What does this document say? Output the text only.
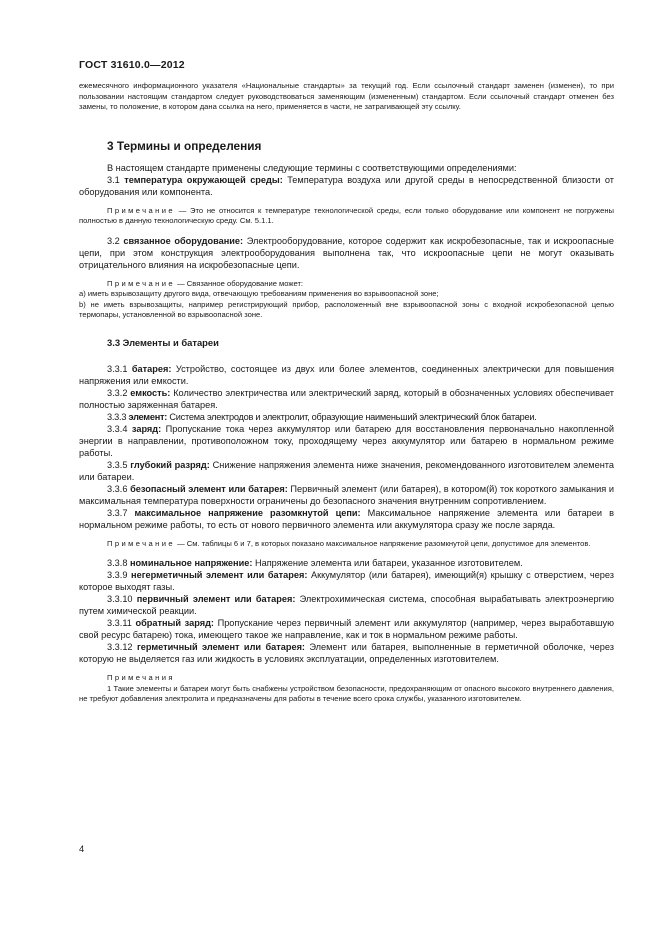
ГОСТ 31610.0—2012

ежемесячного информационного указателя «Национальные стандарты» за текущий год. Если ссылочный стандарт заменен (изменен), то при пользовании настоящим стандартом следует руководствоваться заменяющим (измененным) стандартом. Если ссылочный стандарт отменен без замены, то положение, в котором дана ссылка на него, применяется в части, не затрагивающей эту ссылку.

3 Термины и определения

В настоящем стандарте применены следующие термины с соответствующими определениями:

3.1 температура окружающей среды: Температура воздуха или другой среды в непосредственной близости от оборудования или компонента.

Примечание — Это не относится к температуре технологической среды, если только оборудование или компонент не погружены полностью в данную технологическую среду. См. 5.1.1.

3.2 связанное оборудование: Электрооборудование, которое содержит как искробезопасные, так и искроопасные цепи, при этом конструкция электрооборудования выполнена так, что искроопасные цепи не могут оказывать отрицательного влияния на искробезопасные цепи.

Примечание — Связанное оборудование может:

a) иметь взрывозащиту другого вида, отвечающую требованиям применения во взрывоопасной зоне;

b) не иметь взрывозащиты, например регистрирующий прибор, расположенный вне взрывоопасной зоны с входной искробезопасной цепью термопары, установленной во взрывоопасной зоне.

3.3 Элементы и батареи

3.3.1 батарея: Устройство, состоящее из двух или более элементов, соединенных электрически для повышения напряжения или емкости.

3.3.2 емкость: Количество электричества или электрический заряд, который в обозначенных условиях обеспечивает полностью заряженная батарея.

3.3.3 элемент: Система электродов и электролит, образующие наименьший электрический блок батареи.

3.3.4 заряд: Пропускание тока через аккумулятор или батарею для восстановления первоначально накопленной энергии в направлении, противоположном току, проходящему через аккумулятор или батарею в нормальном режиме работы.

3.3.5 глубокий разряд: Снижение напряжения элемента ниже значения, рекомендованного изготовителем элемента или батареи.

3.3.6 безопасный элемент или батарея: Первичный элемент (или батарея), в котором(й) ток короткого замыкания и максимальная температура поверхности ограничены до безопасного значения внутренним сопротивлением.

3.3.7 максимальное напряжение разомкнутой цепи: Максимальное напряжение элемента или батареи в нормальном режиме работы, то есть от нового первичного элемента или аккумулятора сразу же после заряда.

Примечание — См. таблицы 6 и 7, в которых показано максимальное напряжение разомкнутой цепи, допустимое для элементов.

3.3.8 номинальное напряжение: Напряжение элемента или батареи, указанное изготовителем.

3.3.9 негерметичный элемент или батарея: Аккумулятор (или батарея), имеющий(я) крышку с отверстием, через которое выходят газы.

3.3.10 первичный элемент или батарея: Электрохимическая система, способная вырабатывать электроэнергию путем химической реакции.

3.3.11 обратный заряд: Пропускание через первичный элемент или аккумулятор (например, через выработавшую свой ресурс батарею) тока, имеющего такое же направление, как и ток в нормальном режиме работы.

3.3.12 герметичный элемент или батарея: Элемент или батарея, выполненные в герметичной оболочке, через которую не выделяется газ или жидкость в условиях эксплуатации, определенных изготовителем.

Примечания

1 Такие элементы и батареи могут быть снабжены устройством безопасности, предохраняющим от опасного высокого внутреннего давления, не требуют добавления электролита и предназначены для работы в течение всего срока службы, указанного изготовителем.

4
